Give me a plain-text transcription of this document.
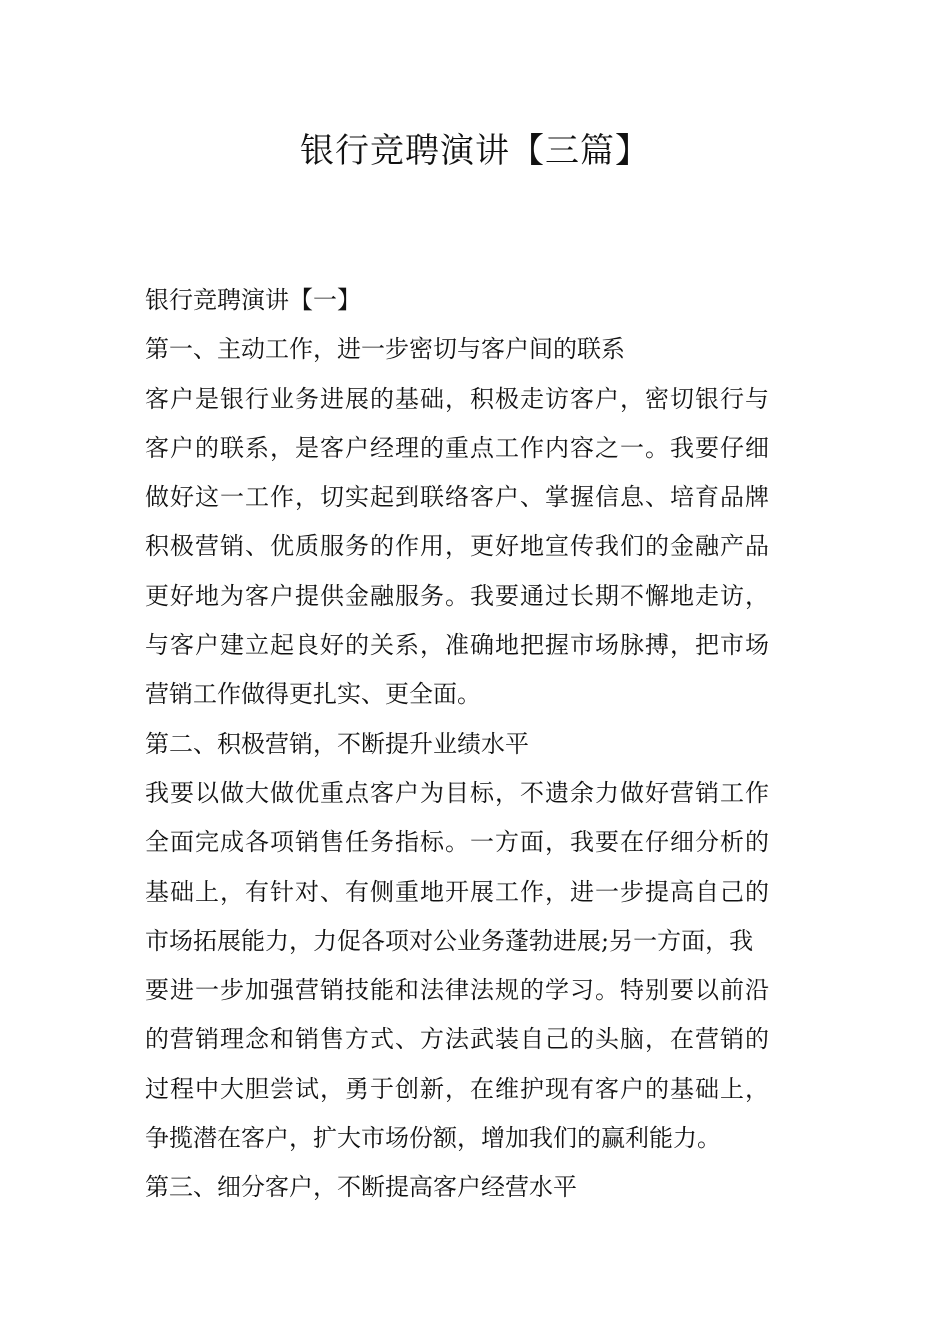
银行竞聘演讲【三篇】
银行竞聘演讲【一】
第一、主动工作，进一步密切与客户间的联系
客户是银行业务进展的基础，积极走访客户，密切银行与
客户的联系，是客户经理的重点工作内容之一。我要仔细
做好这一工作，切实起到联络客户、掌握信息、培育品牌
积极营销、优质服务的作用，更好地宣传我们的金融产品
更好地为客户提供金融服务。我要通过长期不懈地走访，
与客户建立起良好的关系，准确地把握市场脉搏，把市场
营销工作做得更扎实、更全面。
第二、积极营销，不断提升业绩水平
我要以做大做优重点客户为目标，不遗余力做好营销工作
全面完成各项销售任务指标。一方面，我要在仔细分析的
基础上，有针对、有侧重地开展工作，进一步提高自己的
市场拓展能力，力促各项对公业务蓬勃进展;另一方面，我
要进一步加强营销技能和法律法规的学习。特别要以前沿
的营销理念和销售方式、方法武装自己的头脑，在营销的
过程中大胆尝试，勇于创新，在维护现有客户的基础上，
争揽潜在客户，扩大市场份额，增加我们的赢利能力。
第三、细分客户，不断提高客户经营水平
